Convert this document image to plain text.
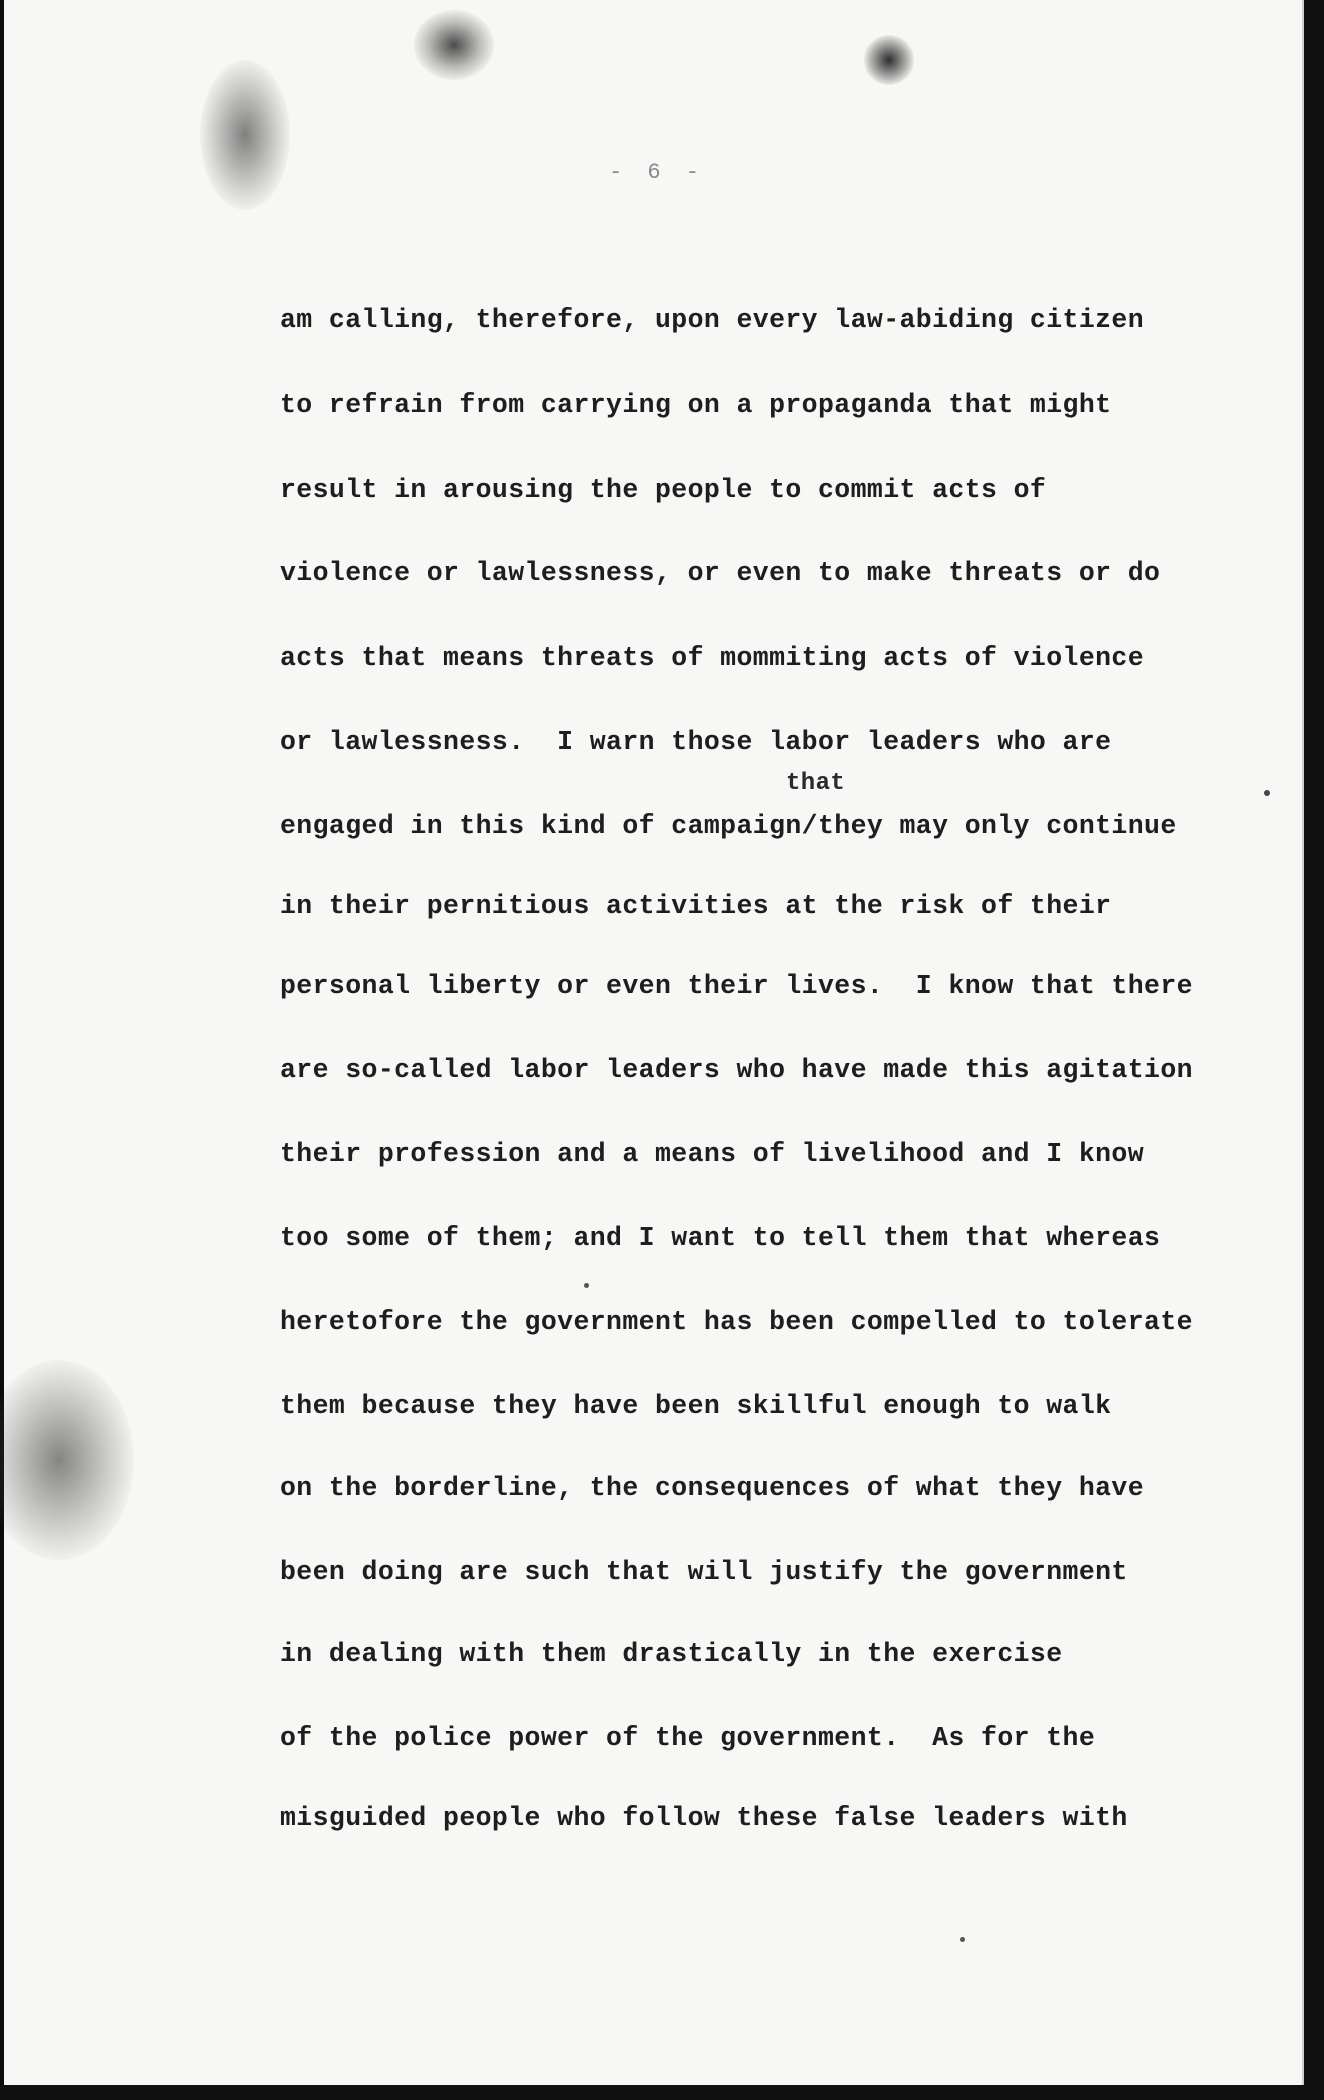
- 6 -

am calling, therefore, upon every law-abiding citizen

to refrain from carrying on a propaganda that might

result in arousing the people to commit acts of

violence or lawlessness, or even to make threats or do

acts that means threats of mommiting acts of violence

or lawlessness.  I warn those labor leaders who are

that

engaged in this kind of campaign/they may only continue

in their pernitious activities at the risk of their

personal liberty or even their lives.  I know that there

are so-called labor leaders who have made this agitation

their profession and a means of livelihood and I know

too some of them; and I want to tell them that whereas

heretofore the government has been compelled to tolerate

them because they have been skillful enough to walk

on the borderline, the consequences of what they have

been doing are such that will justify the government

in dealing with them drastically in the exercise

of the police power of the government.  As for the

misguided people who follow these false leaders with
